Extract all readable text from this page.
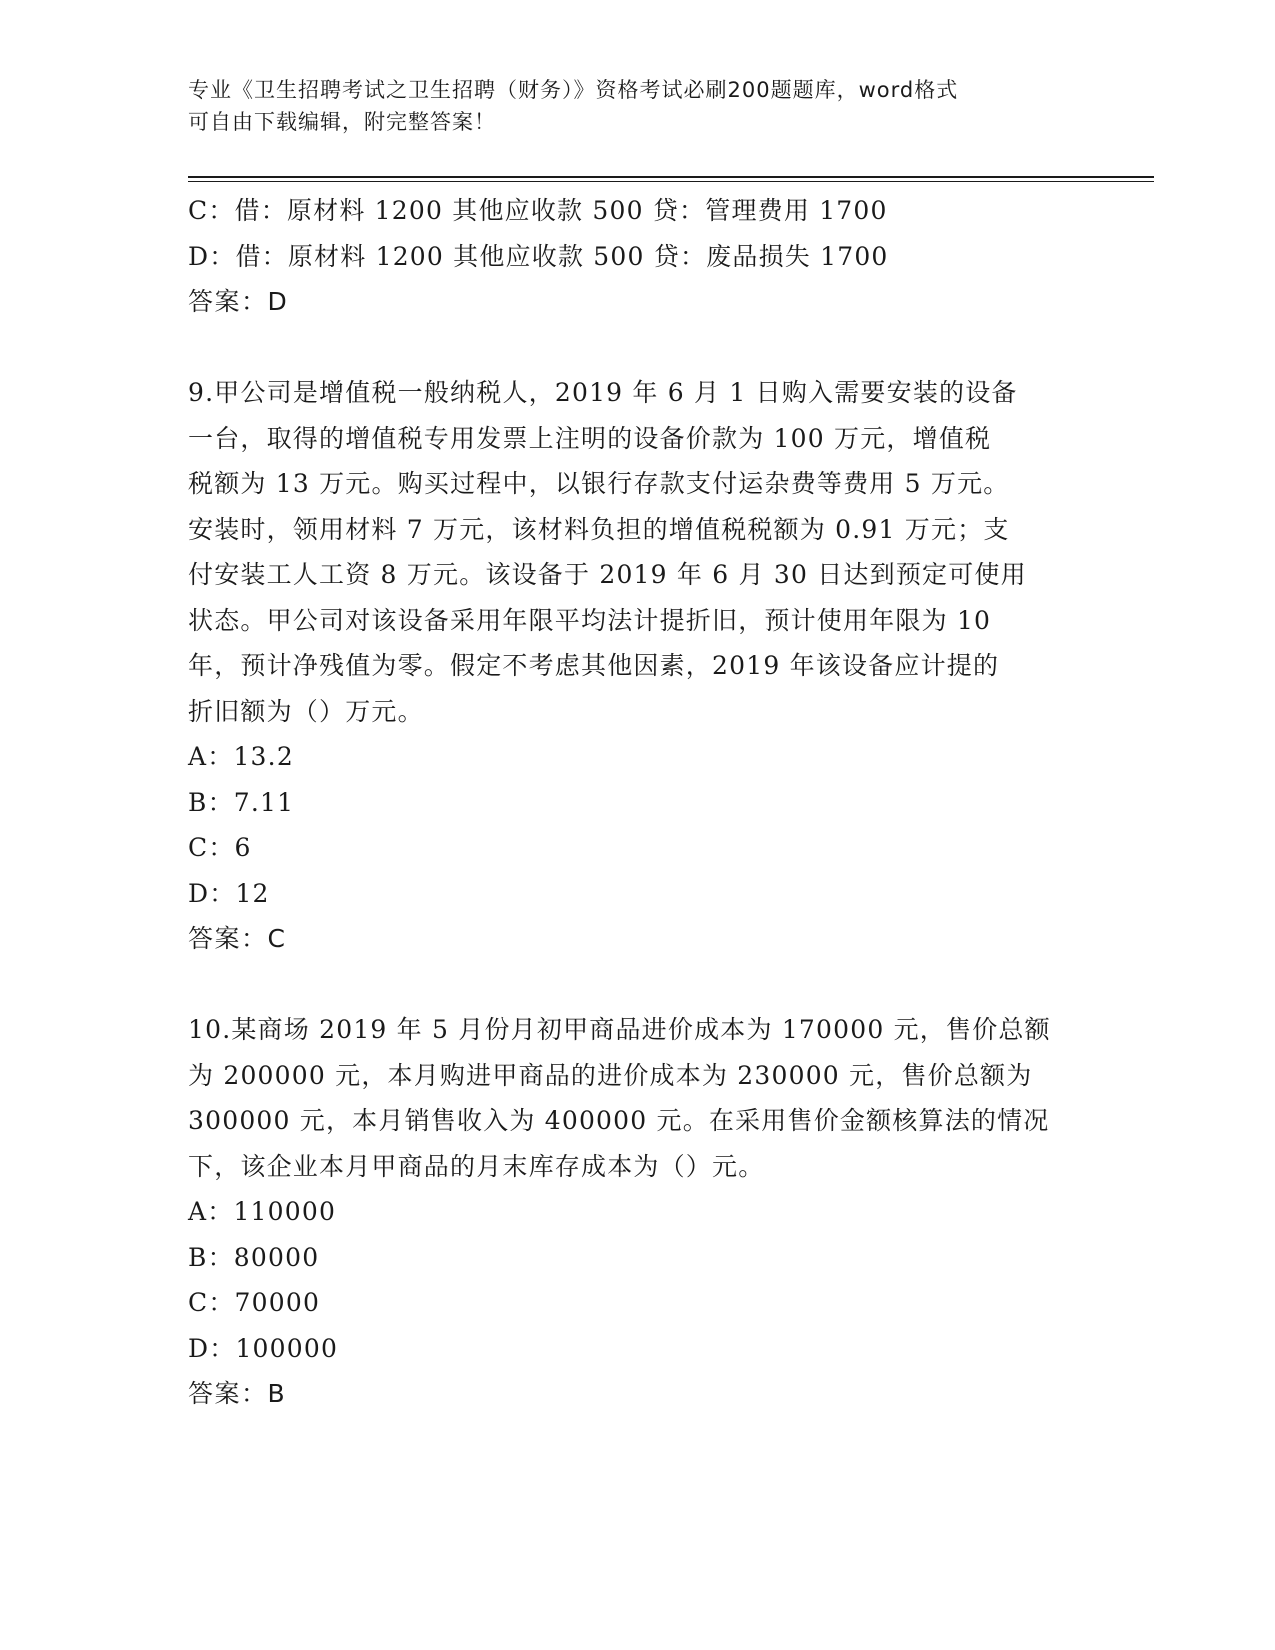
专业《卫生招聘考试之卫生招聘（财务）》资格考试必刷200题题库，word格式
可自由下载编辑，附完整答案！
C：借：原材料 1200 其他应收款 500 贷：管理费用 1700
D：借：原材料 1200 其他应收款 500 贷：废品损失 1700
答案：D
9.甲公司是增值税一般纳税人，2019 年 6 月 1 日购入需要安装的设备
一台，取得的增值税专用发票上注明的设备价款为 100 万元，增值税
税额为 13 万元。购买过程中，以银行存款支付运杂费等费用 5 万元。
安装时，领用材料 7 万元，该材料负担的增值税税额为 0.91 万元；支
付安装工人工资 8 万元。该设备于 2019 年 6 月 30 日达到预定可使用
状态。甲公司对该设备采用年限平均法计提折旧，预计使用年限为 10
年，预计净残值为零。假定不考虑其他因素，2019 年该设备应计提的
折旧额为（）万元。
A：13.2
B：7.11
C：6
D：12
答案：C
10.某商场 2019 年 5 月份月初甲商品进价成本为 170000 元，售价总额
为 200000 元，本月购进甲商品的进价成本为 230000 元，售价总额为
300000 元，本月销售收入为 400000 元。在采用售价金额核算法的情况
下，该企业本月甲商品的月末库存成本为（）元。
A：110000
B：80000
C：70000
D：100000
答案：B
